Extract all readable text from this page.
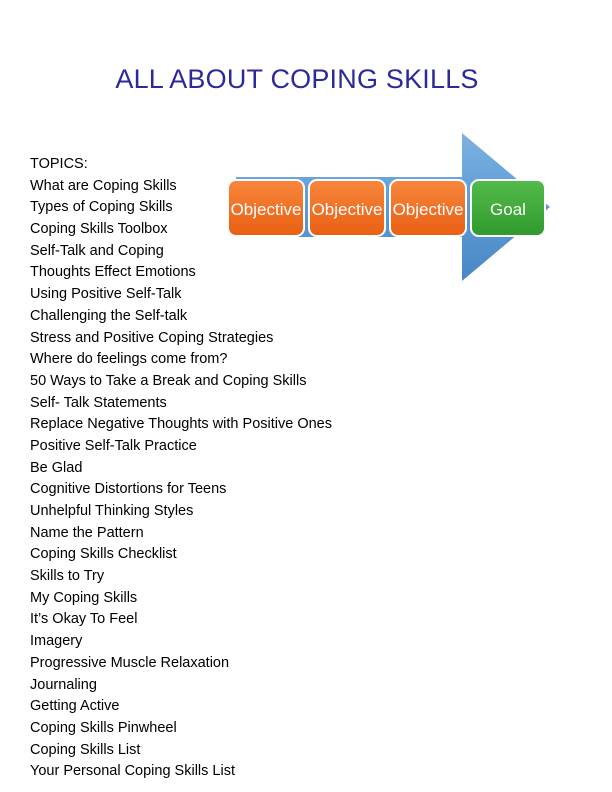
ALL ABOUT COPING SKILLS
Objective Objective Objective Goal
TOPICS:
What are Coping Skills
Types of Coping Skills
Coping Skills Toolbox
Self-Talk and Coping
Thoughts Effect Emotions
Using Positive Self-Talk
Challenging the Self-talk
Stress and Positive Coping Strategies
Where do feelings come from?
50 Ways to Take a Break and Coping Skills
Self- Talk Statements
Replace Negative Thoughts with Positive Ones
Positive Self-Talk Practice
Be Glad
Cognitive Distortions for Teens
Unhelpful Thinking Styles
Name the Pattern
Coping Skills Checklist
Skills to Try
My Coping Skills
It’s Okay To Feel
Imagery
Progressive Muscle Relaxation
Journaling
Getting Active
Coping Skills Pinwheel
Coping Skills List
Your Personal Coping Skills List
